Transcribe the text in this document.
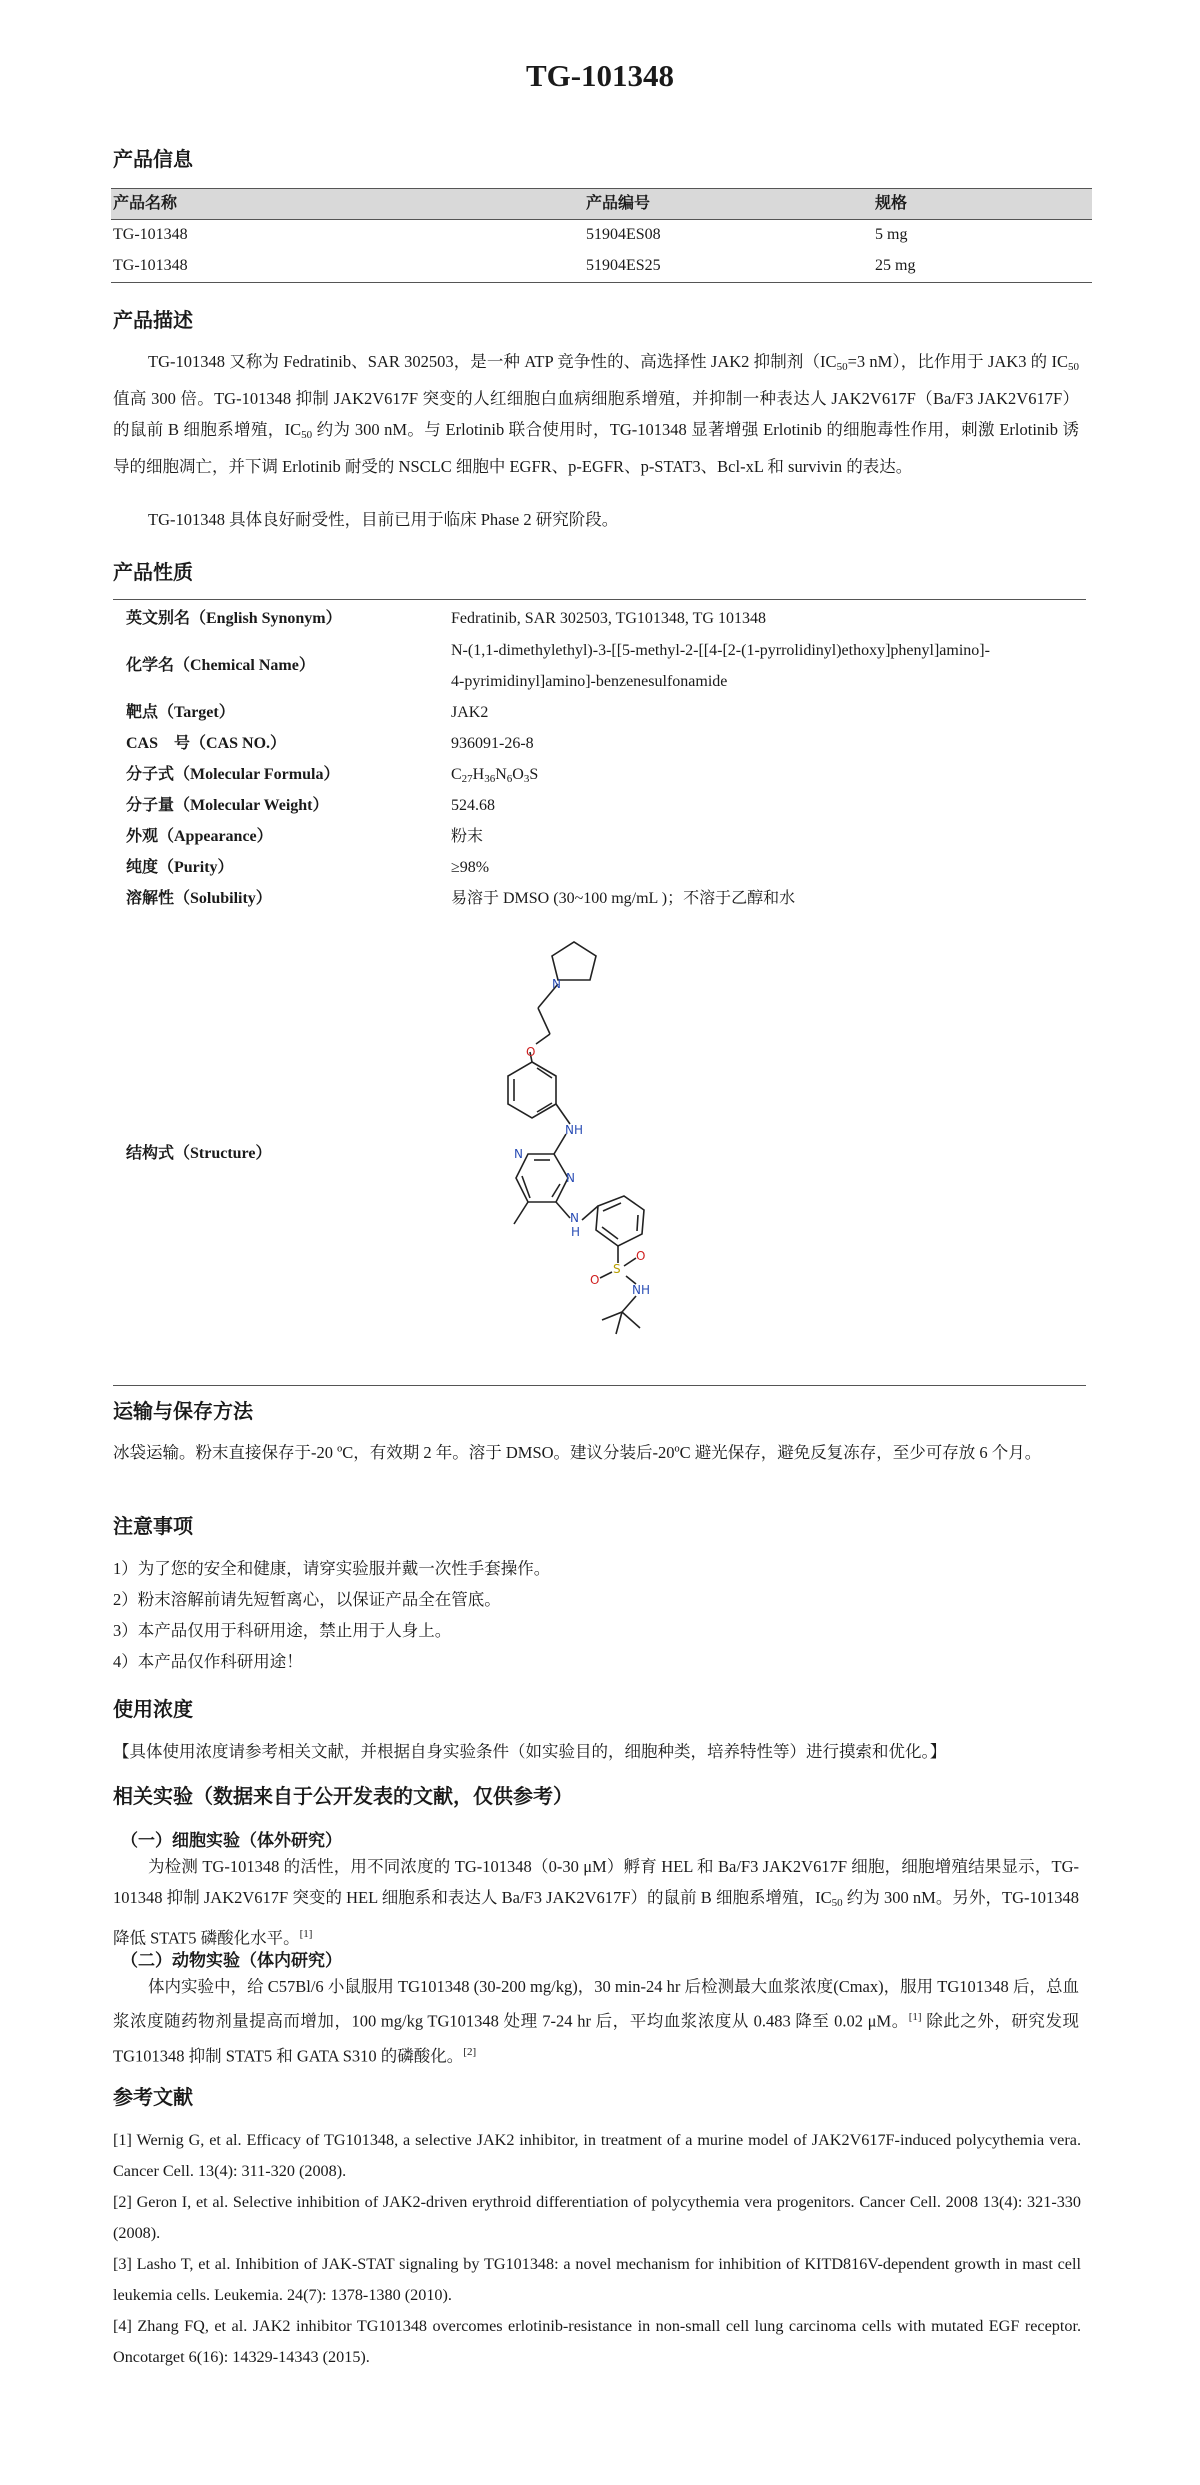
TG-101348
产品信息
产品名称	产品编号	规格
TG-101348	51904ES08	5 mg
TG-101348	51904ES25	25 mg
产品描述
TG-101348 又称为 Fedratinib、SAR 302503，是一种 ATP 竞争性的、高选择性 JAK2 抑制剂（$IC_{50}=3$ nM），比作用于 JAK3 的 $IC_{50}$ 值高 300 倍。TG-101348 抑制 JAK2V617F 突变的人红细胞白血病细胞系增殖，并抑制一种表达人 JAK2V617F（Ba/F3 JAK2V617F）的鼠前 B 细胞系增殖，$IC_{50}$ 约为 300 nM。与 Erlotinib 联合使用时，TG-101348 显著增强 Erlotinib 的细胞毒性作用，刺激 Erlotinib 诱导的细胞凋亡，并下调 Erlotinib 耐受的 NSCLC 细胞中 EGFR、p-EGFR、p-STAT3、Bcl-xL 和 survivin 的表达。
TG-101348 具体良好耐受性，目前已用于临床 Phase 2 研究阶段。
产品性质
英文别名（English Synonym）	Fedratinib, SAR 302503, TG101348, TG 101348
化学名（Chemical Name）
N-(1,1-dimethylethyl)-3-[[5-methyl-2-[[4-[2-(1-pyrrolidinyl)ethoxy]phenyl]amino]-
4-pyrimidinyl]amino]-benzenesulfonamide
靶点（Target）	JAK2
CAS　号（CAS NO.）	936091-26-8
分子式（Molecular Formula）	$C_{27}H_{36}N_6O_3S$
分子量（Molecular Weight）	524.68
外观（Appearance）	粉末
纯度（Purity）	≥98%
溶解性（Solubility）	易溶于 DMSO (30~100 mg/mL )；不溶于乙醇和水
结构式（Structure）
N
O
NH
N
N
N
H
S
O
O
NH
运输与保存方法
冰袋运输。粉末直接保存于-20 ºC，有效期 2 年。溶于 DMSO。建议分装后-20ºC 避光保存，避免反复冻存，至少可存放 6 个月。
注意事项
1）为了您的安全和健康，请穿实验服并戴一次性手套操作。
2）粉末溶解前请先短暂离心，以保证产品全在管底。
3）本产品仅用于科研用途，禁止用于人身上。
4）本产品仅作科研用途！
使用浓度
【具体使用浓度请参考相关文献，并根据自身实验条件（如实验目的，细胞种类，培养特性等）进行摸索和优化。】
相关实验（数据来自于公开发表的文献，仅供参考）
（一）细胞实验（体外研究）
为检测 TG-101348 的活性，用不同浓度的 TG-101348（0-30 μM）孵育 HEL 和 Ba/F3 JAK2V617F 细胞，细胞增殖结果显示，TG-101348 抑制 JAK2V617F 突变的 HEL 细胞系和表达人 Ba/F3 JAK2V617F）的鼠前 B 细胞系增殖，$IC_{50}$ 约为 300 nM。另外，TG-101348 降低 STAT5 磷酸化水平。[1]
（二）动物实验（体内研究）
体内实验中，给 C57Bl/6 小鼠服用 TG101348 (30-200 mg/kg)，30 min-24 hr 后检测最大血浆浓度(Cmax)，服用 TG101348 后，总血浆浓度随药物剂量提高而增加，100 mg/kg TG101348 处理 7-24 hr 后，平均血浆浓度从 0.483 降至 0.02 μM。[1] 除此之外，研究发现 TG101348 抑制 STAT5 和 GATA S310 的磷酸化。[2]
参考文献
[1] Wernig G, et al. Efficacy of TG101348, a selective JAK2 inhibitor, in treatment of a murine model of JAK2V617F-induced polycythemia vera. Cancer Cell. 13(4): 311-320 (2008).
[2] Geron I, et al. Selective inhibition of JAK2-driven erythroid differentiation of polycythemia vera progenitors. Cancer Cell. 2008 13(4): 321-330 (2008).
[3] Lasho T, et al. Inhibition of JAK-STAT signaling by TG101348: a novel mechanism for inhibition of KITD816V-dependent growth in mast cell leukemia cells. Leukemia. 24(7): 1378-1380 (2010).
[4] Zhang FQ, et al. JAK2 inhibitor TG101348 overcomes erlotinib-resistance in non-small cell lung carcinoma cells with mutated EGF receptor. Oncotarget 6(16): 14329-14343 (2015).
